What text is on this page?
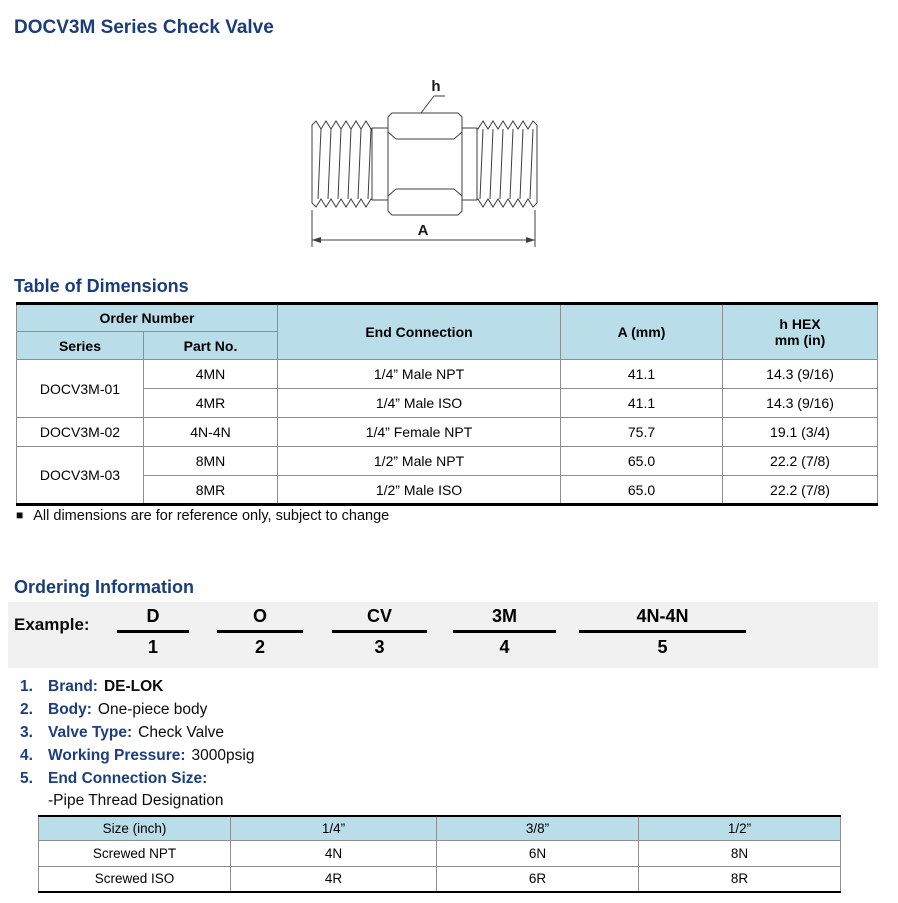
DOCV3M Series Check Valve
h
A
Table of Dimensions
Order Number		End Connection	A (mm)	h HEX
mm (in)

Series	Part No.			
DOCV3M-01	4MN	1/4” Male NPT	41.1	14.3 (9/16)
	4MR	1/4” Male ISO	41.1	14.3 (9/16)
DOCV3M-02	4N-4N	1/4” Female NPT	75.7	19.1 (3/4)
DOCV3M-03	8MN	1/2” Male NPT	65.0	22.2 (7/8)
	8MR	1/2” Male ISO	65.0	22.2 (7/8)
■ All dimensions are for reference only, subject to change
Ordering Information
Example:	D
1
O
2
CV
3
3M
4
4N-4N
5
1. Brand: DE-LOK
2. Body: One-piece body
3. Valve Type: Check Valve
4. Working Pressure: 3000psig
5. End Connection Size:
-Pipe Thread Designation
Size (inch)	1/4”	3/8”	1/2”
Screwed NPT	4N	6N	8N
Screwed ISO	4R	6R	8R
